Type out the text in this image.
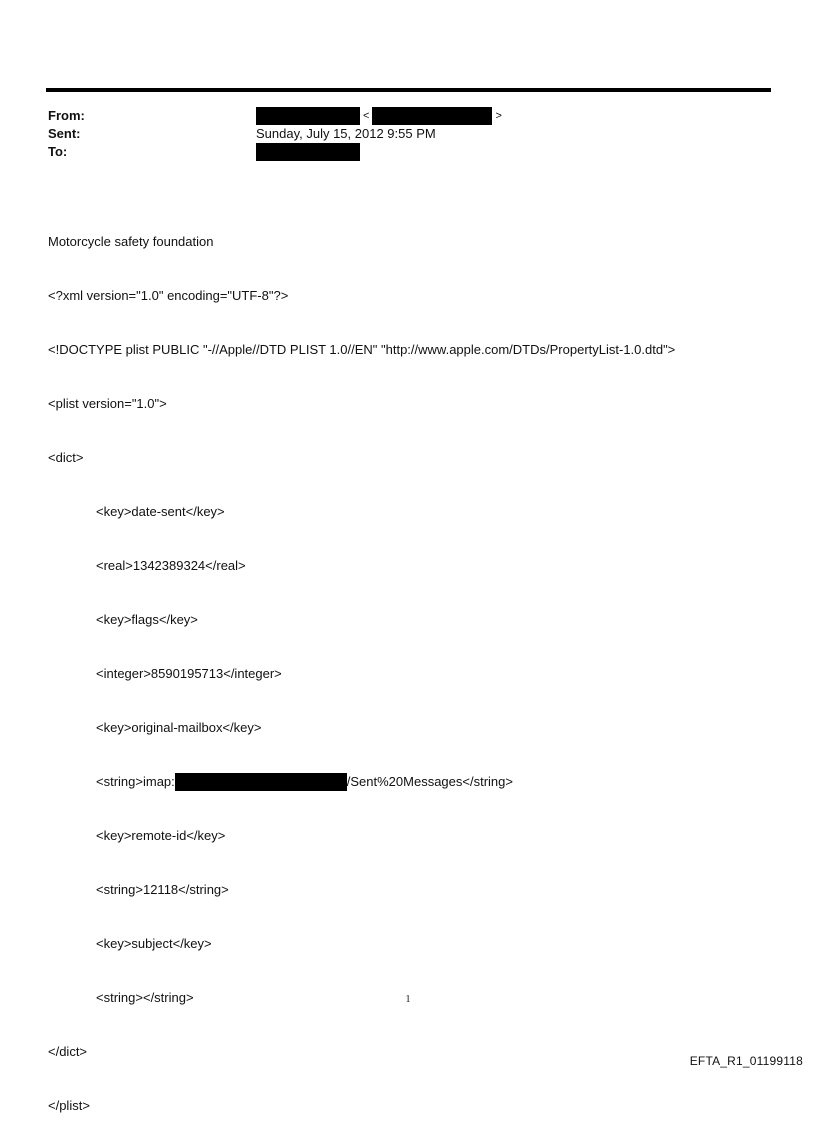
From:
Sent:
To:
<	>
Sunday, July 15, 2012 9:55 PM

Motorcycle safety foundation

<?xml version="1.0" encoding="UTF-8"?>

<!DOCTYPE plist PUBLIC "-//Apple//DTD PLIST 1.0//EN" "http://www.apple.com/DTDs/PropertyList-1.0.dtd">

<plist version="1.0">

<dict>

<key>date-sent</key>

<real>1342389324</real>

<key>flags</key>

<integer>8590195713</integer>

<key>original-mailbox</key>

<string>imap:	/Sent%20Messages</string>

<key>remote-id</key>

<string>12118</string>

<key>subject</key>

<string></string>

</dict>

</plist>

1
EFTA_R1_01199118
